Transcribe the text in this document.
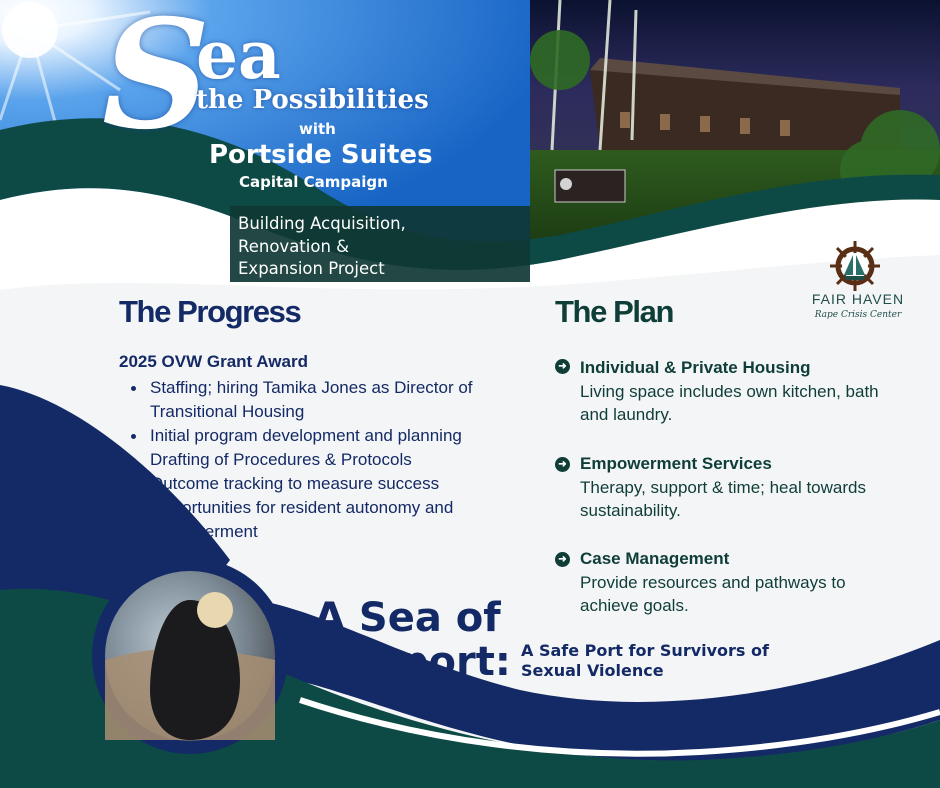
S
ea
the Possibilities
with
Portside Suites
Capital Campaign
Building Acquisition,
Renovation &
Expansion Project
FAIR HAVEN
Rape Crisis Center
The Progress
2025 OVW Grant Award
Staffing; hiring Tamika Jones as Director of Transitional Housing
Initial program development and planning
Drafting of Procedures & Protocols
Outcome tracking to measure success
Opportunities for resident autonomy and empowerment
The Plan
➜ Individual & Private Housing
Living space includes own kitchen, bath and laundry.
➜ Empowerment Services
Therapy, support & time; heal towards sustainability.
➜ Case Management
Provide resources and pathways to achieve goals.
A Sea of
Support: A Safe Port for Survivors of Sexual Violence
